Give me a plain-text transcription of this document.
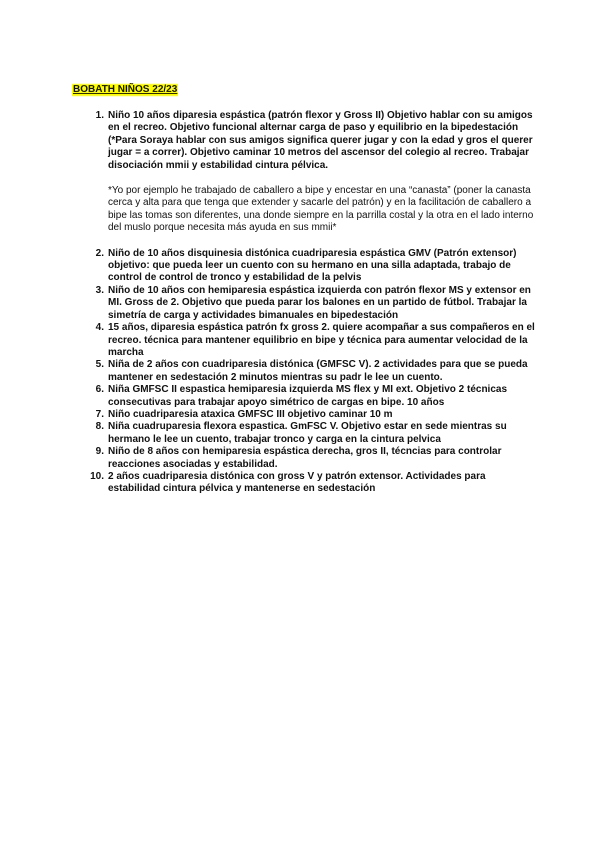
BOBATH NIÑOS 22/23
1. Niño 10 años diparesia espástica (patrón flexor y Gross II) Objetivo hablar con su amigos en el recreo. Objetivo funcional alternar carga de paso y equilibrio en la bipedestación (*Para Soraya hablar con sus amigos significa querer jugar y con la edad y gros el querer jugar = a correr). Objetivo caminar 10 metros del ascensor del colegio al recreo. Trabajar disociación mmii y estabilidad cintura pélvica.
*Yo por ejemplo he trabajado de caballero a bipe y encestar en una “canasta” (poner la canasta cerca y alta para que tenga que extender y sacarle del patrón) y en la facilitación de caballero a bipe las tomas son diferentes, una donde siempre en la parrilla costal y la otra en el lado interno del muslo porque necesita más ayuda en sus mmii*
2. Niño de 10 años disquinesia distónica cuadriparesia espástica GMV (Patrón extensor) objetivo: que pueda leer un cuento con su hermano en una silla adaptada, trabajo de control de control de tronco y estabilidad de la pelvis
3. Niño de 10 años con hemiparesia espástica izquierda con patrón flexor MS y extensor en MI. Gross de 2. Objetivo que pueda parar los balones en un partido de fútbol. Trabajar la simetría de carga y actividades bimanuales en bipedestación
4. 15 años, diparesia espástica patrón fx gross 2. quiere acompañar a sus compañeros en el recreo. técnica para mantener equilibrio en bipe y técnica para aumentar velocidad de la marcha
5. Niña de 2 años con cuadriparesia distónica (GMFSC V). 2 actividades para que se pueda mantener en sedestación 2 minutos mientras su padr le lee un cuento.
6. Niña GMFSC II espastica hemiparesia izquierda MS flex y MI ext. Objetivo 2 técnicas consecutivas para trabajar apoyo simétrico de cargas en bipe. 10 años
7. Niño cuadriparesia ataxica GMFSC III objetivo caminar 10 m
8. Niña cuadruparesia flexora espastica. GmFSC V. Objetivo estar en sede mientras su hermano le lee un cuento, trabajar tronco y carga en la cintura pelvica
9. Niño de 8 años con hemiparesia espástica derecha, gros II, técncias para controlar reacciones asociadas y estabilidad.
10. 2 años cuadriparesia distónica con gross V y patrón extensor. Actividades para estabilidad cintura pélvica y mantenerse en sedestación
